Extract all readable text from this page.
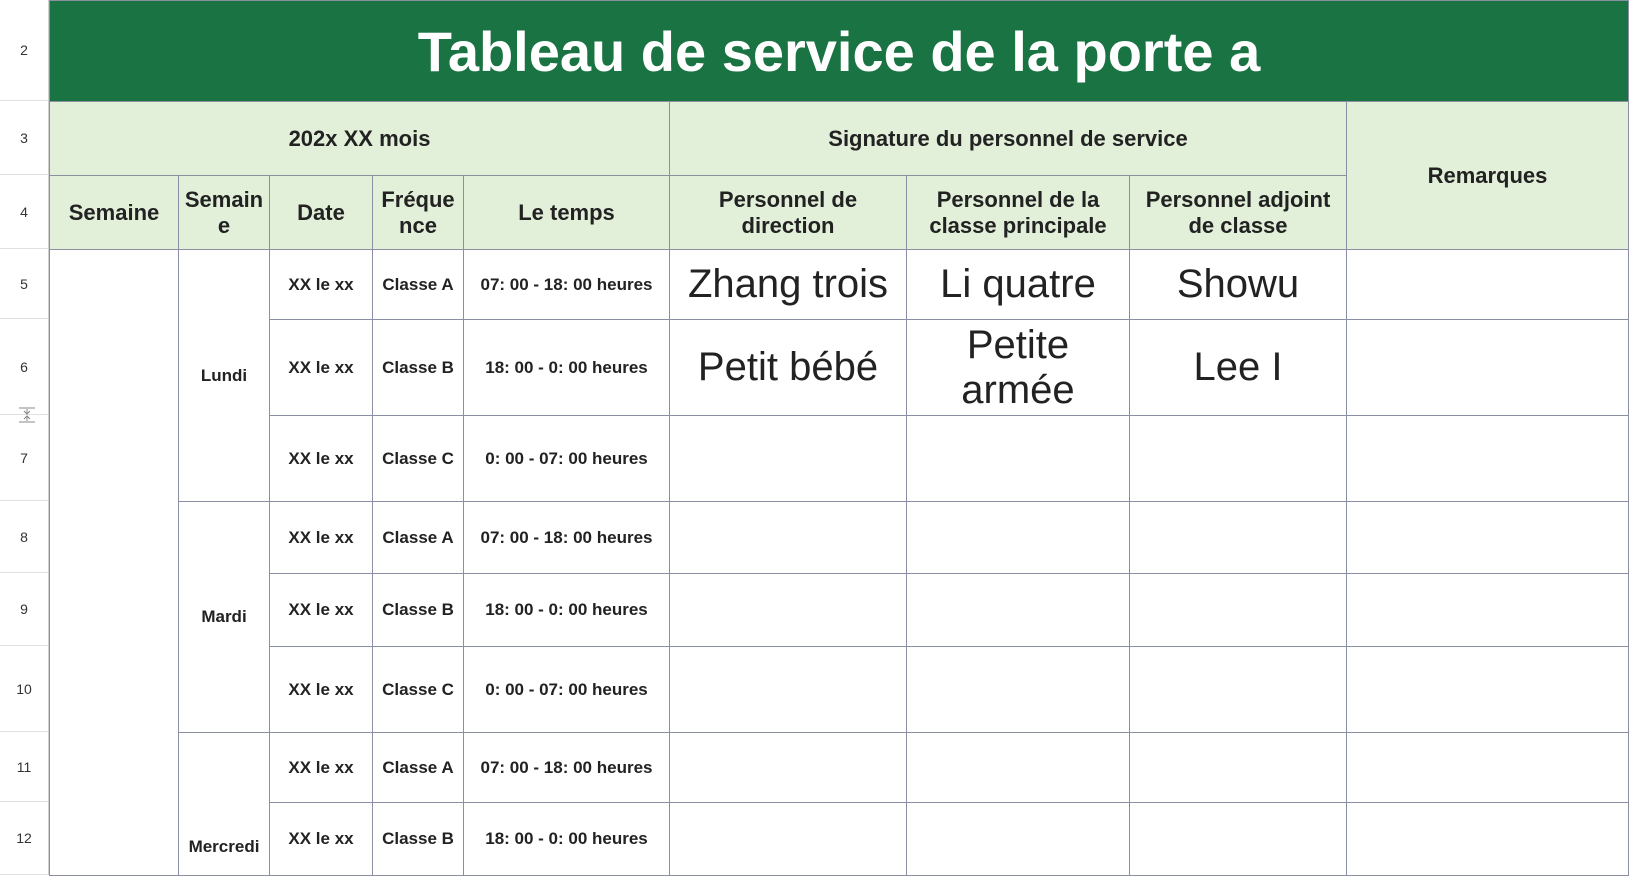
2
3
4
5
6
7
8
9
10
11
12
Tableau de service de la porte a								
202x XX mois					Signature du personnel de service			Remarques
Semaine	Semain e	Date	Fréque nce	Le temps	Personnel de direction	Personnel de la classe principale	Personnel adjoint de classe	
	Lundi	XX le xx	Classe A	07: 00 - 18: 00 heures	Zhang trois	Li quatre	Showu	
		XX le xx	Classe B	18: 00 - 0: 00 heures	Petit bébé	Petite armée	Lee I	
		XX le xx	Classe C	0: 00 - 07: 00 heures				
	Mardi	XX le xx	Classe A	07: 00 - 18: 00 heures				
		XX le xx	Classe B	18: 00 - 0: 00 heures				
		XX le xx	Classe C	0: 00 - 07: 00 heures				
	Mercredi	XX le xx	Classe A	07: 00 - 18: 00 heures				
		XX le xx	Classe B	18: 00 - 0: 00 heures				
